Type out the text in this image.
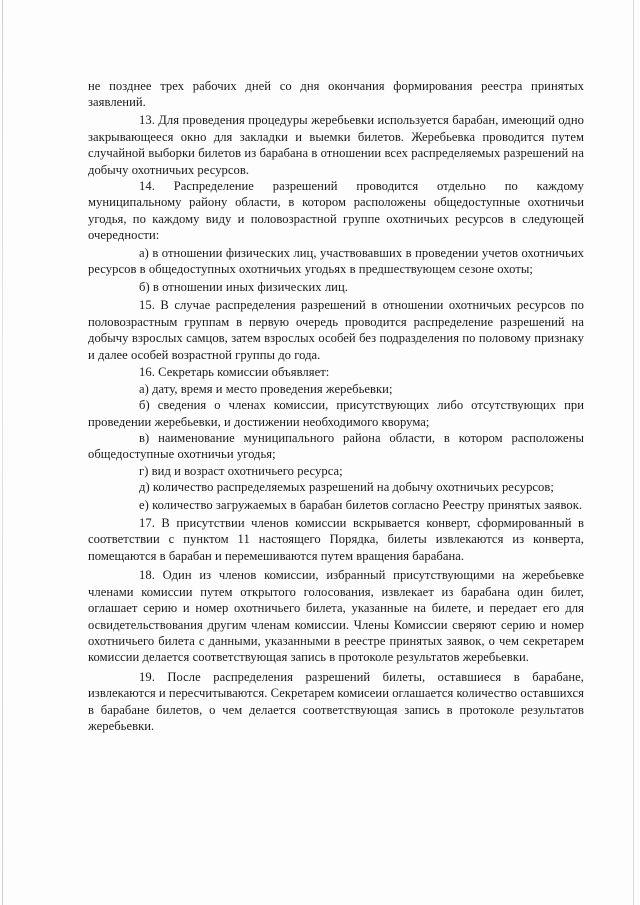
не позднее трех рабочих дней со дня окончания формирования реестра принятых заявлений.

13. Для проведения процедуры жеребьевки используется барабан, имеющий одно закрывающееся окно для закладки и выемки билетов. Жеребьевка проводится путем случайной выборки билетов из барабана в отношении всех распределяемых разрешений на добычу охотничьих ресурсов.

14. Распределение разрешений проводится отдельно по каждому муниципальному району области, в котором расположены общедоступные охотничьи угодья, по каждому виду и половозрастной группе охотничьих ресурсов в следующей очередности:

а) в отношении физических лиц, участвовавших в проведении учетов охотничьих ресурсов в общедоступных охотничьих угодьях в предшествующем сезоне охоты;

б) в отношении иных физических лиц.

15. В случае распределения разрешений в отношении охотничьих ресурсов по половозрастным группам в первую очередь проводится распределение разрешений на добычу взрослых самцов, затем взрослых особей без подразделения по половому признаку и далее особей возрастной группы до года.

16. Секретарь комиссии объявляет:

а) дату, время и место проведения жеребьевки;

б) сведения о членах комиссии, присутствующих либо отсутствующих при проведении жеребьевки, и достижении необходимого кворума;

в) наименование муниципального района области, в котором расположены общедоступные охотничьи угодья;

г) вид и возраст охотничьего ресурса;

д) количество распределяемых разрешений на добычу охотничьих ресурсов;

е) количество загружаемых в барабан билетов согласно Реестру принятых заявок.

17. В присутствии членов комиссии вскрывается конверт, сформированный в соответствии с пунктом 11 настоящего Порядка, билеты извлекаются из конверта, помещаются в барабан и перемешиваются путем вращения барабана.

18. Один из членов комиссии, избранный присутствующими на жеребьевке членами комиссии путем открытого голосования, извлекает из барабана один билет, оглашает серию и номер охотничьего билета, указанные на билете, и передает его для освидетельствования другим членам комиссии. Члены Комиссии сверяют серию и номер охотничьего билета с данными, указанными в реестре принятых заявок, о чем секретарем комиссии делается соответствующая запись в протоколе результатов жеребьевки.

19. После распределения разрешений билеты, оставшиеся в барабане, извлекаются и пересчитываются. Секретарем комисеии оглашается количество оставшихся в барабане билетов, о чем делается соответствующая запись в протоколе результатов жеребьевки.
